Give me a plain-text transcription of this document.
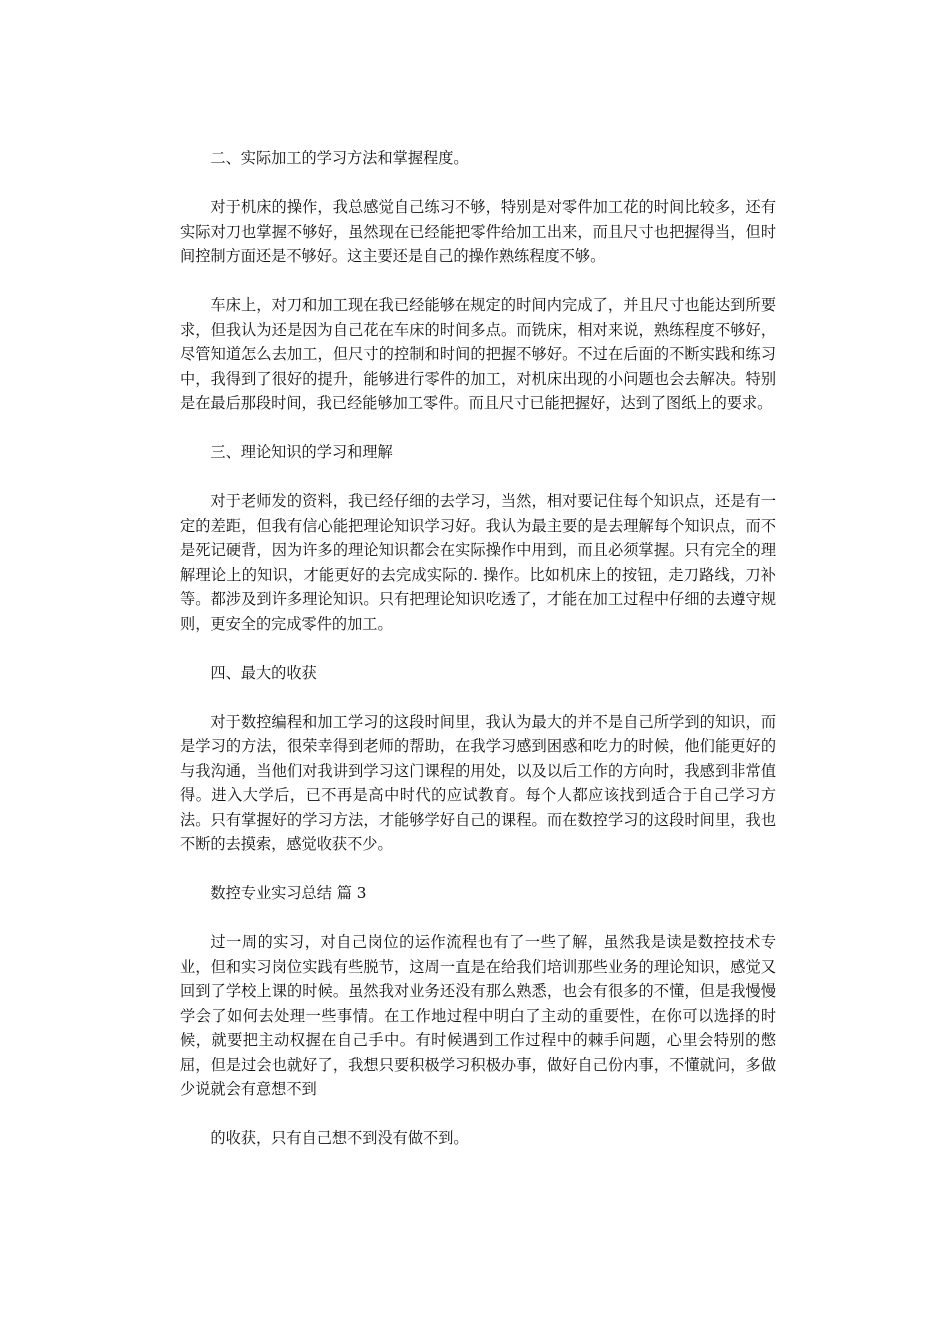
二、实际加工的学习方法和掌握程度。

对于机床的操作，我总感觉自己练习不够，特别是对零件加工花的时间比较多，还有实际对刀也掌握不够好，虽然现在已经能把零件给加工出来，而且尺寸也把握得当，但时间控制方面还是不够好。这主要还是自己的操作熟练程度不够。

车床上，对刀和加工现在我已经能够在规定的时间内完成了，并且尺寸也能达到所要求，但我认为还是因为自己花在车床的时间多点。而铣床，相对来说，熟练程度不够好，尽管知道怎么去加工，但尺寸的控制和时间的把握不够好。不过在后面的不断实践和练习中，我得到了很好的提升，能够进行零件的加工，对机床出现的小问题也会去解决。特别是在最后那段时间，我已经能够加工零件。而且尺寸已能把握好，达到了图纸上的要求。

三、理论知识的学习和理解

对于老师发的资料，我已经仔细的去学习，当然，相对要记住每个知识点，还是有一定的差距，但我有信心能把理论知识学习好。我认为最主要的是去理解每个知识点，而不是死记硬背，因为许多的理论知识都会在实际操作中用到，而且必须掌握。只有完全的理解理论上的知识，才能更好的去完成实际的. 操作。比如机床上的按钮，走刀路线，刀补等。都涉及到许多理论知识。只有把理论知识吃透了，才能在加工过程中仔细的去遵守规则，更安全的完成零件的加工。

四、最大的收获

对于数控编程和加工学习的这段时间里，我认为最大的并不是自己所学到的知识，而是学习的方法，很荣幸得到老师的帮助，在我学习感到困惑和吃力的时候，他们能更好的与我沟通，当他们对我讲到学习这门课程的用处，以及以后工作的方向时，我感到非常值得。进入大学后，已不再是高中时代的应试教育。每个人都应该找到适合于自己学习方法。只有掌握好的学习方法，才能够学好自己的课程。而在数控学习的这段时间里，我也不断的去摸索，感觉收获不少。

数控专业实习总结 篇 3

过一周的实习，对自己岗位的运作流程也有了一些了解，虽然我是读是数控技术专业，但和实习岗位实践有些脱节，这周一直是在给我们培训那些业务的理论知识，感觉又回到了学校上课的时候。虽然我对业务还没有那么熟悉，也会有很多的不懂，但是我慢慢学会了如何去处理一些事情。在工作地过程中明白了主动的重要性，在你可以选择的时候，就要把主动权握在自己手中。有时候遇到工作过程中的棘手问题，心里会特别的憋屈，但是过会也就好了，我想只要积极学习积极办事，做好自己份内事，不懂就问，多做少说就会有意想不到

的收获，只有自己想不到没有做不到。
